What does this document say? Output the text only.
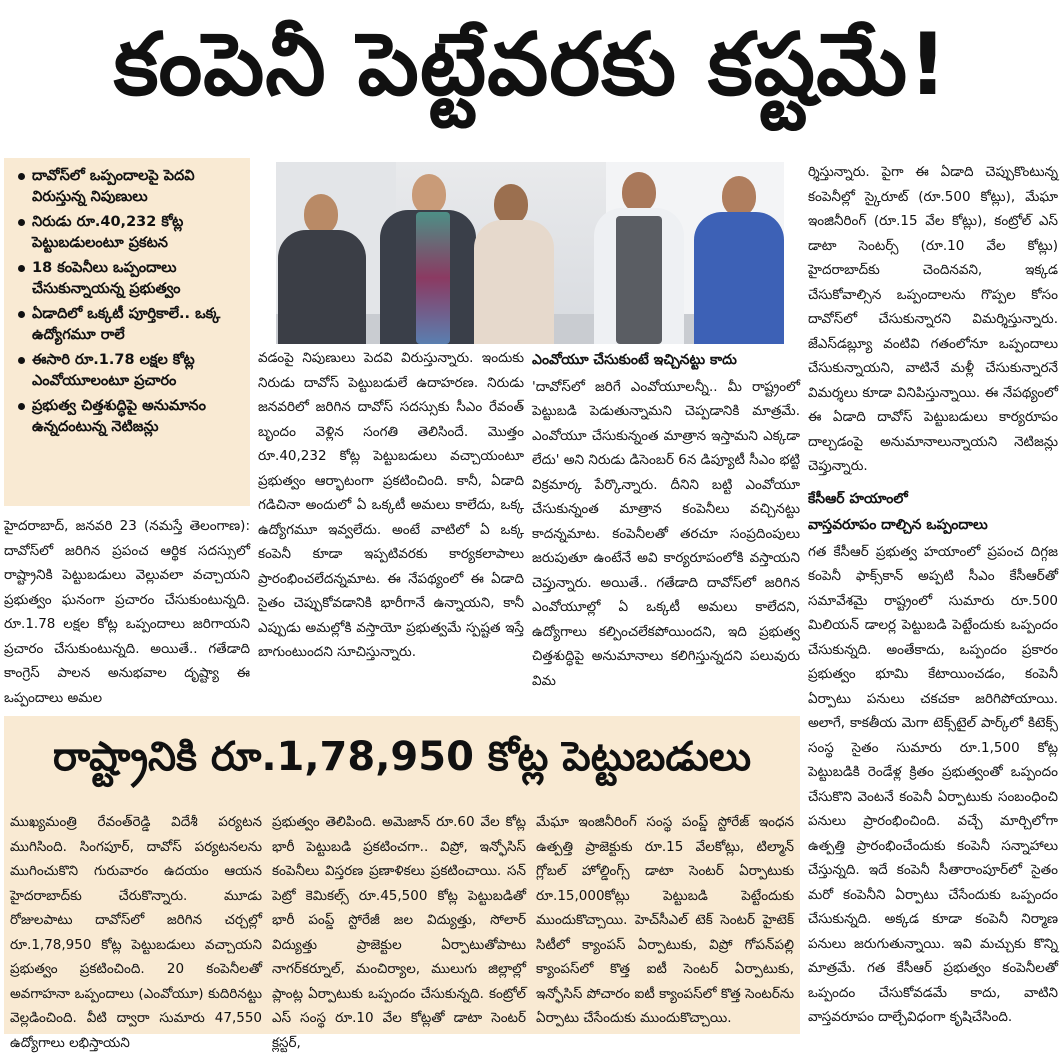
కంపెనీ పెట్టేవరకు కష్టమే!
దావోస్‌లో ఒప్పందాలపై పెదవి విరుస్తున్న నిపుణులు
నిరుడు రూ.40,232 కోట్ల పెట్టుబడులంటూ ప్రకటన
18 కంపెనీలు ఒప్పందాలు చేసుకున్నాయన్న ప్రభుత్వం
ఏడాదిలో ఒక్కటీ పూర్తికాలే.. ఒక్క ఉద్యోగమూ రాలే
ఈసారి రూ.1.78 లక్షల కోట్ల ఎంవోయూలంటూ ప్రచారం
ప్రభుత్వ చిత్తశుద్ధిపై అనుమానం ఉన్నదంటున్న నెటిజన్లు

హైదరాబాద్, జనవరి 23 (నమస్తే తెలంగాణ): దావోస్‌లో జరిగిన ప్రపంచ ఆర్థిక సదస్సులో రాష్ట్రానికి పెట్టుబడులు వెల్లువలా వచ్చాయని ప్రభుత్వం ఘనంగా ప్రచారం చేసుకుంటున్నది. రూ.1.78 లక్షల కోట్ల ఒప్పందాలు జరిగాయని ప్రచారం చేసుకుంటున్నది. అయితే.. గతేడాది కాంగ్రెస్ పాలన అనుభవాల దృష్ట్యా ఈ ఒప్పందాలు అమల

వడంపై నిపుణులు పెదవి విరుస్తున్నారు. ఇందుకు నిరుడు దావోస్ పెట్టుబడులే ఉదాహరణ. నిరుడు జనవరిలో జరిగిన దావోస్ సదస్సుకు సీఎం రేవంత్ బృందం వెళ్లిన సంగతి తెలిసిందే. మొత్తం రూ.40,232 కోట్ల పెట్టుబడులు వచ్చాయంటూ ప్రభుత్వం ఆర్భాటంగా ప్రకటించింది. కానీ, ఏడాది గడిచినా అందులో ఏ ఒక్కటీ అమలు కాలేదు, ఒక్క ఉద్యోగమూ ఇవ్వలేదు. అంటే వాటిలో ఏ ఒక్క కంపెనీ కూడా ఇప్పటివరకు కార్యకలాపాలు ప్రారంభించలేదన్నమాట. ఈ నేపథ్యంలో ఈ ఏడాది సైతం చెప్పుకోవడానికి భారీగానే ఉన్నాయని, కానీ ఎప్పుడు అమల్లోకి వస్తాయో ప్రభుత్వమే స్పష్టత ఇస్తే బాగుంటుందని సూచిస్తున్నారు.

ఎంవోయూ చేసుకుంటే ఇచ్చినట్టు కాదు

'దావోస్‌లో జరిగే ఎంవోయూలన్నీ.. మీ రాష్ట్రంలో పెట్టుబడి పెడుతున్నామని చెప్పడానికి మాత్రమే. ఎంవోయూ చేసుకున్నంత మాత్రాన ఇస్తామని ఎక్కడా లేదు' అని నిరుడు డిసెంబర్ 6న డిప్యూటీ సీఎం భట్టి విక్రమార్క పేర్కొన్నారు. దీనిని బట్టి ఎంవోయూ చేసుకున్నంత మాత్రాన కంపెనీలు వచ్చినట్టు కాదన్నమాట. కంపెనీలతో తరచూ సంప్రదింపులు జరుపుతూ ఉంటేనే అవి కార్యరూపంలోకి వస్తాయని చెప్తున్నారు. అయితే.. గతేడాది దావోస్‌లో జరిగిన ఎంవోయూల్లో ఏ ఒక్కటీ అమలు కాలేదని, ఉద్యోగాలు కల్పించలేకపోయిందని, ఇది ప్రభుత్వ చిత్తశుద్ధిపై అనుమానాలు కలిగిస్తున్నదని పలువురు విమ

ర్శిస్తున్నారు. పైగా ఈ ఏడాది చెప్పుకొంటున్న కంపెనీల్లో స్కైరూట్ (రూ.500 కోట్లు), మేఘా ఇంజినీరింగ్ (రూ.15 వేల కోట్లు), కంట్రోల్ ఎస్ డాటా సెంటర్స్ (రూ.10 వేల కోట్లు) హైదరాబాద్‌కు చెందినవని, ఇక్కడ చేసుకోవాల్సిన ఒప్పందాలను గొప్పల కోసం దావోస్‌లో చేసుకున్నారని విమర్శిస్తున్నారు. జేఎస్‌డబ్ల్యూ వంటివి గతంలోనూ ఒప్పందాలు చేసుకున్నాయని, వాటినే మళ్లీ చేసుకున్నారనే విమర్శలు కూడా వినిపిస్తున్నాయి. ఈ నేపథ్యంలో ఈ ఏడాది దావోస్ పెట్టుబడులు కార్యరూపం దాల్చడంపై అనుమానాలున్నాయని నెటిజన్లు చెప్తున్నారు.

కేసీఆర్ హయాంలో
వాస్తవరూపం దాల్చిన ఒప్పందాలు

గత కేసీఆర్ ప్రభుత్వ హయాంలో ప్రపంచ దిగ్గజ కంపెనీ ఫాక్స్‌కాన్ అప్పటి సీఎం కేసీఆర్‌తో సమావేశమై రాష్ట్రంలో సుమారు రూ.500 మిలియన్ డాలర్ల పెట్టుబడి పెట్టేందుకు ఒప్పందం చేసుకున్నది. అంతేకాదు, ఒప్పందం ప్రకారం ప్రభుత్వం భూమి కేటాయించడం, కంపెనీ ఏర్పాటు పనులు చకచకా జరిగిపోయాయి. అలాగే, కాకతీయ మెగా టెక్స్‌టైల్ పార్క్‌లో కిటెక్స్ సంస్థ సైతం సుమారు రూ.1,500 కోట్ల పెట్టుబడికి రెండేళ్ల క్రితం ప్రభుత్వంతో ఒప్పందం చేసుకొని వెంటనే కంపెనీ ఏర్పాటుకు సంబంధించి పనులు ప్రారంభించింది. వచ్చే మార్చిలోగా ఉత్పత్తి ప్రారంభించేందుకు కంపెనీ సన్నాహాలు చేస్తున్నది. ఇదే కంపెనీ సీతారాంపూర్‌లో సైతం మరో కంపెనీని ఏర్పాటు చేసేందుకు ఒప్పందం చేసుకున్నది. అక్కడ కూడా కంపెనీ నిర్మాణ పనులు జరుగుతున్నాయి. ఇవి మచ్చుకు కొన్ని మాత్రమే. గత కేసీఆర్ ప్రభుత్వం కంపెనీలతో ఒప్పందం చేసుకోవడమే కాదు, వాటిని వాస్తవరూపం దాల్చేవిధంగా కృషిచేసింది.

రాష్ట్రానికి రూ.1,78,950 కోట్ల పెట్టుబడులు

ముఖ్యమంత్రి రేవంత్‌రెడ్డి విదేశీ పర్యటన ముగిసింది. సింగపూర్, దావోస్ పర్యటనలను ముగించుకొని గురువారం ఉదయం ఆయన హైదరాబాద్‌కు చేరుకొన్నారు. మూడు రోజులపాటు దావోస్‌లో జరిగిన చర్చల్లో రూ.1,78,950 కోట్ల పెట్టుబడులు వచ్చాయని ప్రభుత్వం ప్రకటించింది. 20 కంపెనీలతో అవగాహనా ఒప్పందాలు (ఎంవోయూ) కుదిరినట్టు వెల్లడించింది. వీటి ద్వారా సుమారు 47,550 ఉద్యోగాలు లభిస్తాయని

ప్రభుత్వం తెలిపింది. అమెజాన్ రూ.60 వేల కోట్ల భారీ పెట్టుబడి ప్రకటించగా.. విప్రో, ఇన్ఫోసిస్ కంపెనీలు విస్తరణ ప్రణాళికలు ప్రకటించాయి. సన్ పెట్రో కెమికల్స్ రూ.45,500 కోట్ల పెట్టుబడితో భారీ పంప్డ్ స్టోరేజీ జల విద్యుత్తు, సోలార్ విద్యుత్తు ప్రాజెక్టుల ఏర్పాటుతోపాటు నాగర్‌కర్నూల్, మంచిర్యాల, ములుగు జిల్లాల్లో ప్లాంట్ల ఏర్పాటుకు ఒప్పందం చేసుకున్నది. కంట్రోల్ ఎస్ సంస్థ రూ.10 వేల కోట్లతో డాటా సెంటర్ క్లస్టర్,

మేఘా ఇంజినీరింగ్ సంస్థ పంప్డ్ స్టోరేజ్ ఇంధన ఉత్పత్తి ప్రాజెక్టుకు రూ.15 వేలకోట్లు, టిల్మాన్ గ్లోబల్ హోల్డింగ్స్ డాటా సెంటర్ ఏర్పాటుకు రూ.15,000కోట్లు పెట్టుబడి పెట్టేందుకు ముందుకొచ్చాయి. హెచ్‌సీఎల్ టెక్ సెంటర్ హైటెక్ సిటీలో క్యాంపస్ ఏర్పాటుకు, విప్రో గోపన్‌పల్లి క్యాంపస్‌లో కొత్త ఐటీ సెంటర్ ఏర్పాటుకు, ఇన్ఫోసిస్ పోచారం ఐటీ క్యాంపస్‌లో కొత్త సెంటర్‌ను ఏర్పాటు చేసేందుకు ముందుకొచ్చాయి.
